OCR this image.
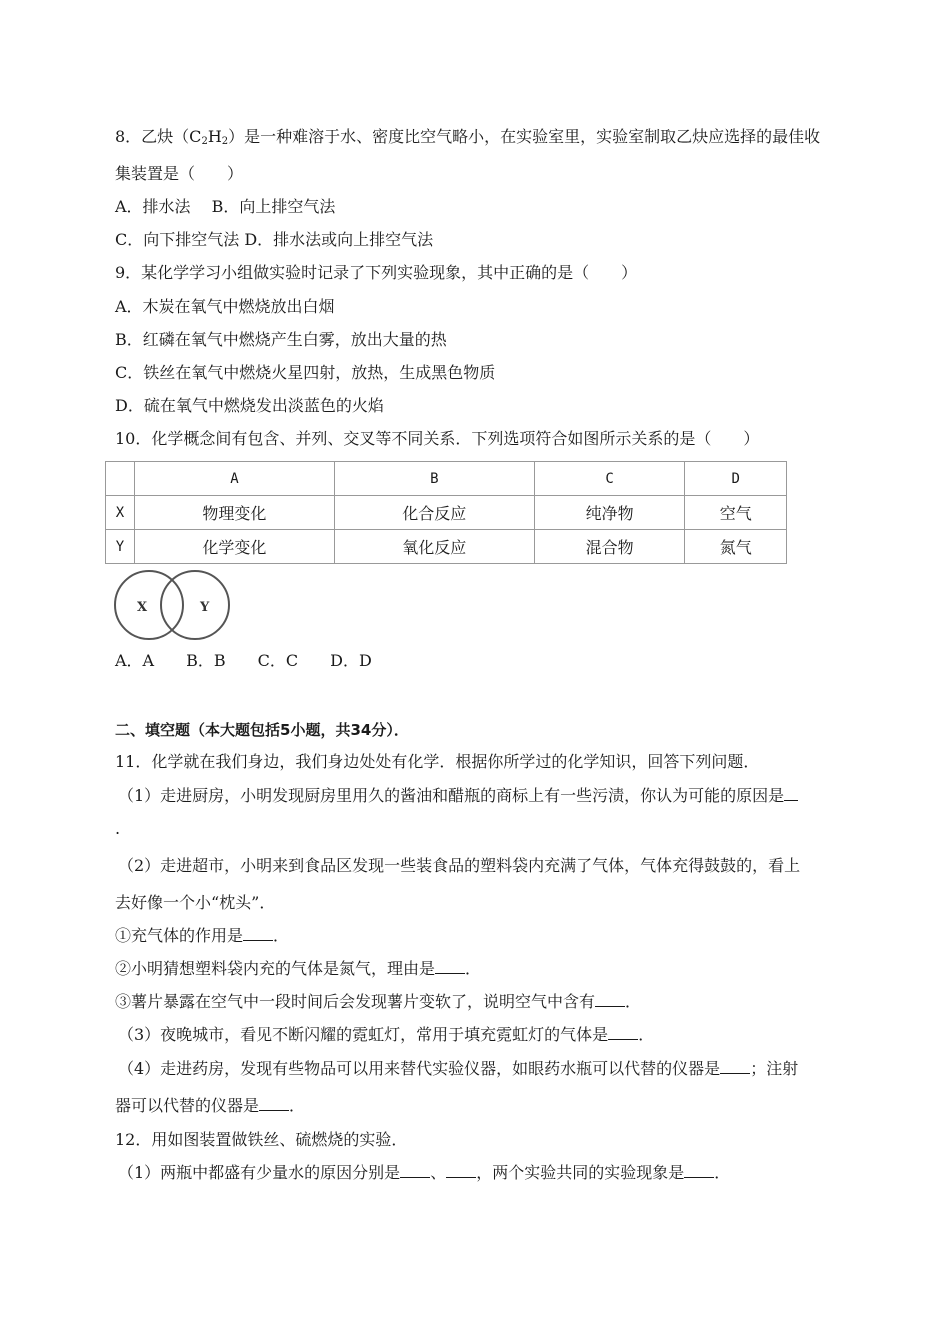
8．乙炔$(C_2H_2)$是一种难溶于水、密度比空气略小，在实验室里，实验室制取乙炔应选择的最佳收
集装置是（　　）
A．排水法　 B．向上排空气法
C．向下排空气法 D．排水法或向上排空气法
9．某化学学习小组做实验时记录了下列实验现象，其中正确的是（　　）
A．木炭在氧气中燃烧放出白烟
B．红磷在氧气中燃烧产生白雾，放出大量的热
C．铁丝在氧气中燃烧火星四射，放热，生成黑色物质
D．硫在氧气中燃烧发出淡蓝色的火焰
10．化学概念间有包含、并列、交叉等不同关系．下列选项符合如图所示关系的是（　　）
	A	B	C	D
X	物理变化	化合反应	纯净物	空气
Y	化学变化	氧化反应	混合物	氮气
X	Y
A．A　　B．B　　C．C　　D．D
二、填空题（本大题包括5小题，共34分）．
11．化学就在我们身边，我们身边处处有化学．根据你所学过的化学知识，回答下列问题．
（1）走进厨房，小明发现厨房里用久的酱油和醋瓶的商标上有一些污渍，你认为可能的原因是
.
（2）走进超市，小明来到食品区发现一些装食品的塑料袋内充满了气体，气体充得鼓鼓的，看上
去好像一个小“枕头”．
①充气体的作用是 ．
②小明猜想塑料袋内充的气体是氮气，理由是 ．
③薯片暴露在空气中一段时间后会发现薯片变软了，说明空气中含有 ．
（3）夜晚城市，看见不断闪耀的霓虹灯，常用于填充霓虹灯的气体是 ．
（4）走进药房，发现有些物品可以用来替代实验仪器，如眼药水瓶可以代替的仪器是 ；注射
器可以代替的仪器是 ．
12．用如图装置做铁丝、硫燃烧的实验．
（1）两瓶中都盛有少量水的原因分别是 、 ，两个实验共同的实验现象是 ．
